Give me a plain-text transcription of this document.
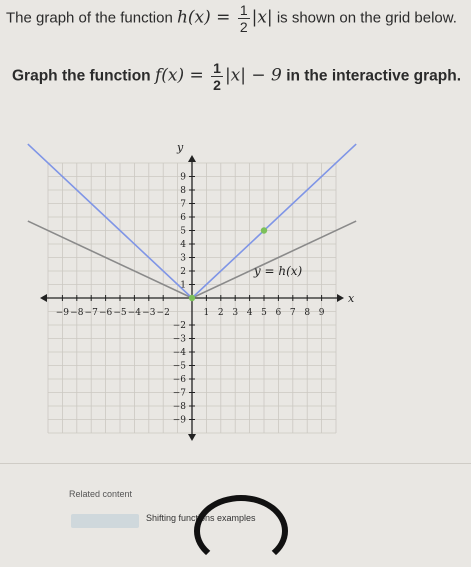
The graph of the function $h(x) = \frac{1}{2} |x|$ is shown on the grid below.
Graph the function $f(x) = \frac{1}{2} |x| - 9$ in the interactive graph.
−9 −8 −7 −6 −5 −4 −3 −2	1 2 3 4 5 6 7 8 9
−9
−8
−7
−6
−5
−4
−3
−2
1
2
3
4
5
6
7
8
9
y = h(x)
x
y
Related content
Shifting functions examples
